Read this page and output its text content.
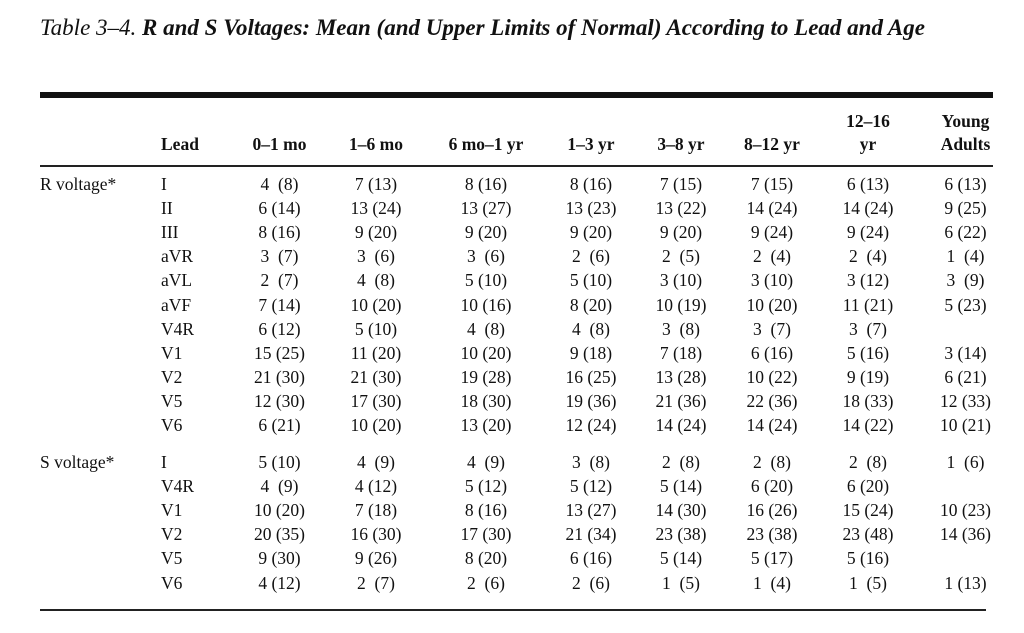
Table 3–4. R and S Voltages: Mean (and Upper Limits of Normal) According to Lead and Age
	Lead	0–1 mo	1–6 mo	6 mo–1 yr	1–3 yr	3–8 yr	8–12 yr	12–16 yr	Young Adults

R voltage*	I	4  (8)	7 (13)	8 (16)	8 (16)	7 (15)	7 (15)	6 (13)	6 (13)
	II	6 (14)	13 (24)	13 (27)	13 (23)	13 (22)	14 (24)	14 (24)	9 (25)
	III	8 (16)	9 (20)	9 (20)	9 (20)	9 (20)	9 (24)	9 (24)	6 (22)
	aVR	3  (7)	3  (6)	3  (6)	2  (6)	2  (5)	2  (4)	2  (4)	1  (4)
	aVL	2  (7)	4  (8)	5 (10)	5 (10)	3 (10)	3 (10)	3 (12)	3  (9)
	aVF	7 (14)	10 (20)	10 (16)	8 (20)	10 (19)	10 (20)	11 (21)	5 (23)
	V4R	6 (12)	5 (10)	4  (8)	4  (8)	3  (8)	3  (7)	3  (7)	
	V1	15 (25)	11 (20)	10 (20)	9 (18)	7 (18)	6 (16)	5 (16)	3 (14)
	V2	21 (30)	21 (30)	19 (28)	16 (25)	13 (28)	10 (22)	9 (19)	6 (21)
	V5	12 (30)	17 (30)	18 (30)	19 (36)	21 (36)	22 (36)	18 (33)	12 (33)
	V6	6 (21)	10 (20)	13 (20)	12 (24)	14 (24)	14 (24)	14 (22)	10 (21)

S voltage*	I	5 (10)	4  (9)	4  (9)	3  (8)	2  (8)	2  (8)	2  (8)	1  (6)
	V4R	4  (9)	4 (12)	5 (12)	5 (12)	5 (14)	6 (20)	6 (20)	
	V1	10 (20)	7 (18)	8 (16)	13 (27)	14 (30)	16 (26)	15 (24)	10 (23)
	V2	20 (35)	16 (30)	17 (30)	21 (34)	23 (38)	23 (38)	23 (48)	14 (36)
	V5	9 (30)	9 (26)	8 (20)	6 (16)	5 (14)	5 (17)	5 (16)	
	V6	4 (12)	2  (7)	2  (6)	2  (6)	1  (5)	1  (4)	1  (5)	1 (13)
